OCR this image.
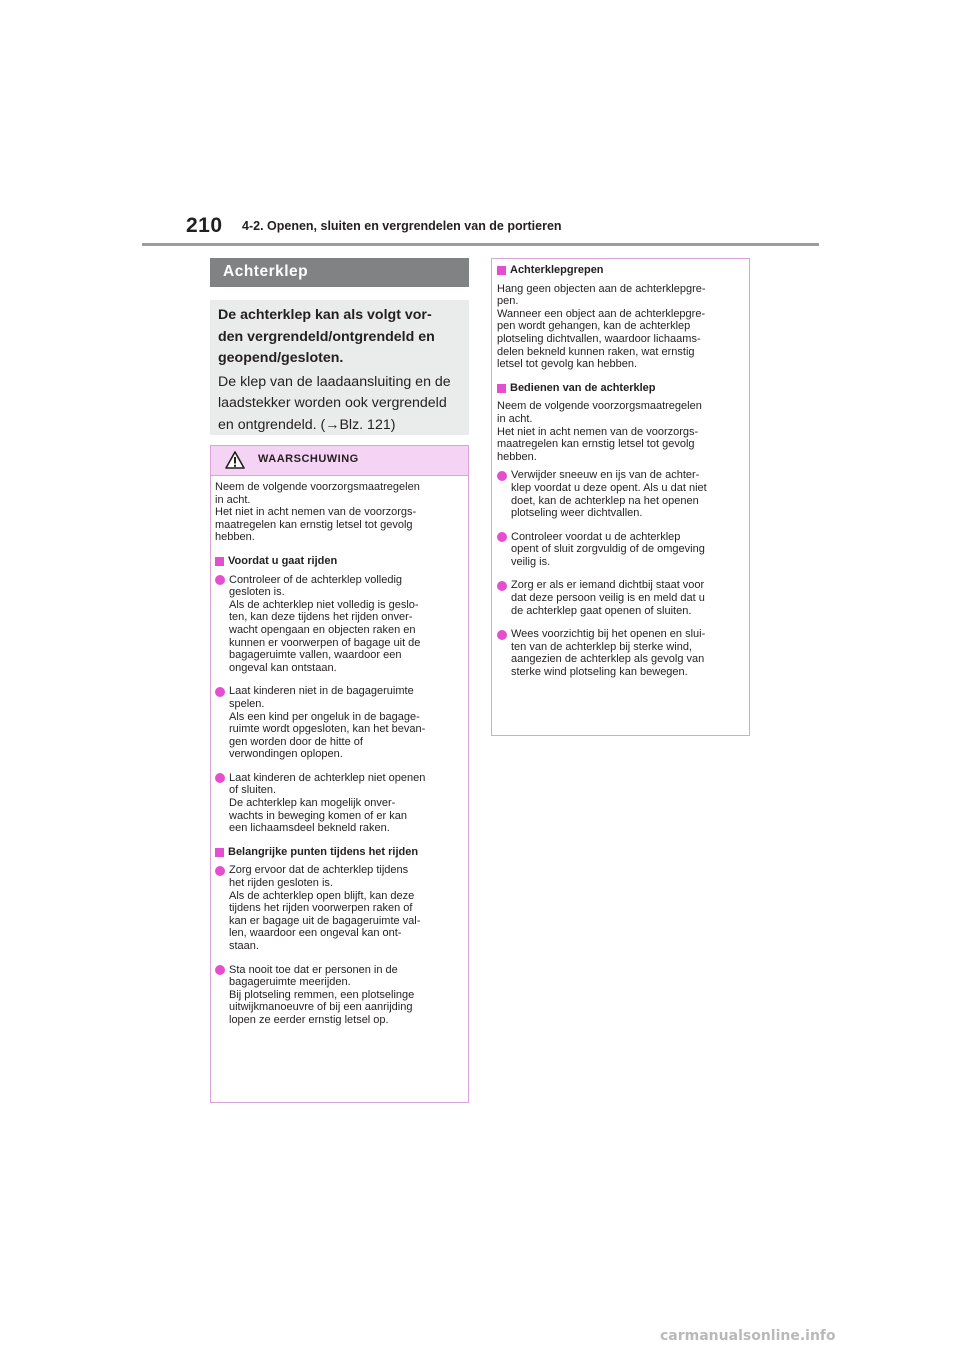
210 4-2. Openen, sluiten en vergrendelen van de portieren
Achterklep

De achterklep kan als volgt vor-
den vergrendeld/ontgrendeld en
geopend/gesloten.

De klep van de laadaansluiting en de
laadstekker worden ook vergrendeld
en ontgrendeld. (→Blz. 121)

WAARSCHUWING

Neem de volgende voorzorgsmaatregelen
in acht.
Het niet in acht nemen van de voorzorgs-
maatregelen kan ernstig letsel tot gevolg
hebben.

Voordat u gaat rijden

Controleer of de achterklep volledig
gesloten is.
Als de achterklep niet volledig is geslo-
ten, kan deze tijdens het rijden onver-
wacht opengaan en objecten raken en
kunnen er voorwerpen of bagage uit de
bagageruimte vallen, waardoor een
ongeval kan ontstaan.

Laat kinderen niet in de bagageruimte
spelen.
Als een kind per ongeluk in de bagage-
ruimte wordt opgesloten, kan het bevan-
gen worden door de hitte of
verwondingen oplopen.

Laat kinderen de achterklep niet openen
of sluiten.
De achterklep kan mogelijk onver-
wachts in beweging komen of er kan
een lichaamsdeel bekneld raken.

Belangrijke punten tijdens het rijden

Zorg ervoor dat de achterklep tijdens
het rijden gesloten is.
Als de achterklep open blijft, kan deze
tijdens het rijden voorwerpen raken of
kan er bagage uit de bagageruimte val-
len, waardoor een ongeval kan ont-
staan.

Sta nooit toe dat er personen in de
bagageruimte meerijden.
Bij plotseling remmen, een plotselinge
uitwijkmanoeuvre of bij een aanrijding
lopen ze eerder ernstig letsel op.

Achterklepgrepen

Hang geen objecten aan de achterklepgre-
pen.
Wanneer een object aan de achterklepgre-
pen wordt gehangen, kan de achterklep
plotseling dichtvallen, waardoor lichaams-
delen bekneld kunnen raken, wat ernstig
letsel tot gevolg kan hebben.

Bedienen van de achterklep

Neem de volgende voorzorgsmaatregelen
in acht.
Het niet in acht nemen van de voorzorgs-
maatregelen kan ernstig letsel tot gevolg
hebben.

Verwijder sneeuw en ijs van de achter-
klep voordat u deze opent. Als u dat niet
doet, kan de achterklep na het openen
plotseling weer dichtvallen.

Controleer voordat u de achterklep
opent of sluit zorgvuldig of de omgeving
veilig is.

Zorg er als er iemand dichtbij staat voor
dat deze persoon veilig is en meld dat u
de achterklep gaat openen of sluiten.

Wees voorzichtig bij het openen en slui-
ten van de achterklep bij sterke wind,
aangezien de achterklep als gevolg van
sterke wind plotseling kan bewegen.

carmanualsonline.info
